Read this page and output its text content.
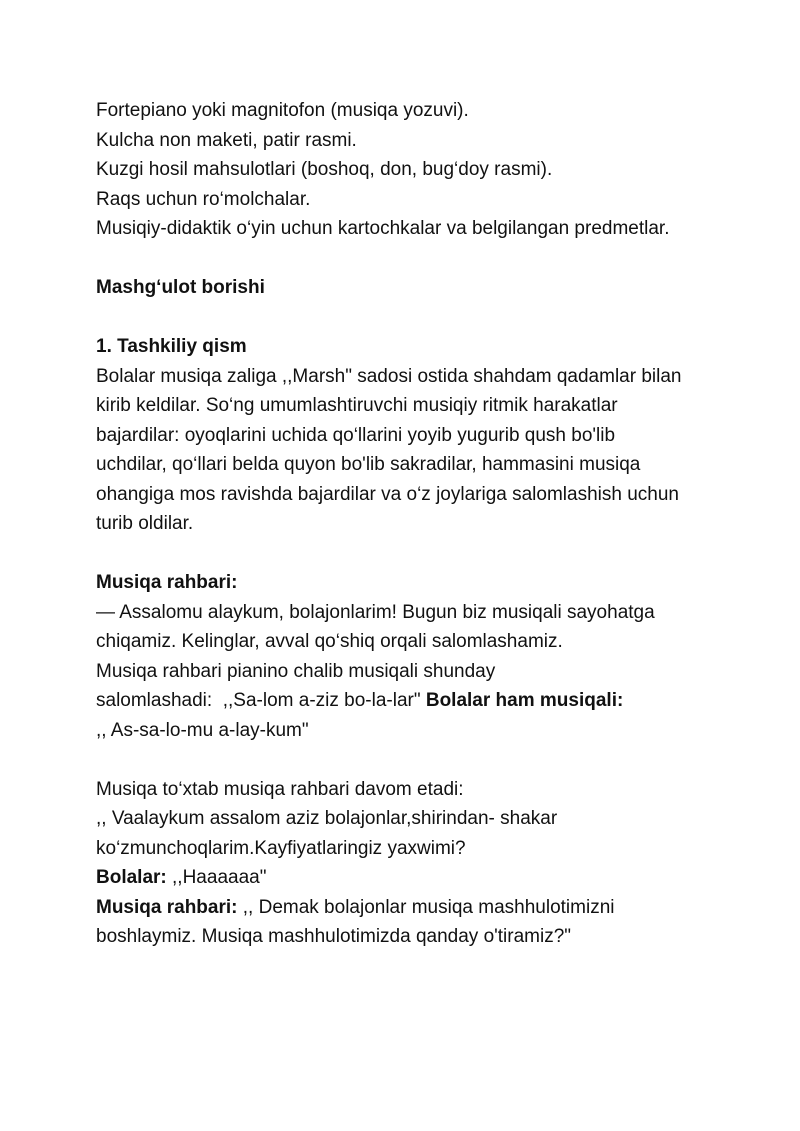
Fortepiano yoki magnitofon (musiqa yozuvi).
Kulcha non maketi, patir rasmi.
Kuzgi hosil mahsulotlari (boshoq, don, bug‘doy rasmi).
Raqs uchun ro‘molchalar.
Musiqiy-didaktik o‘yin uchun kartochkalar va belgilangan predmetlar.
Mashg‘ulot borishi
1. Tashkiliy qism
Bolalar musiqa zaliga ,,Marsh" sadosi ostida shahdam qadamlar bilan
kirib keldilar. So‘ng umumlashtiruvchi musiqiy ritmik harakatlar
bajardilar: oyoqlarini uchida qo‘llarini yoyib yugurib qush bo'lib
uchdilar, qo‘llari belda quyon bo'lib sakradilar, hammasini musiqa
ohangiga mos ravishda bajardilar va o‘z joylariga salomlashish uchun
turib oldilar.
Musiqa rahbari:
— Assalomu alaykum, bolajonlarim! Bugun biz musiqali sayohatga
chiqamiz. Kelinglar, avval qo‘shiq orqali salomlashamiz.
Musiqa rahbari pianino chalib musiqali shunday
salomlashadi:  ,,Sa-lom a-ziz bo-la-lar" Bolalar ham musiqali:
,, As-sa-lo-mu a-lay-kum"
Musiqa to‘xtab musiqa rahbari davom etadi:
,, Vaalaykum assalom aziz bolajonlar,shirindan- shakar
ko‘zmunchoqlarim.Kayfiyatlaringiz yaxwimi?
Bolalar: ,,Haaaaaa"
Musiqa rahbari: ,, Demak bolajonlar musiqa mashhulotimizni
boshlaymiz. Musiqa mashhulotimizda qanday o'tiramiz?"
